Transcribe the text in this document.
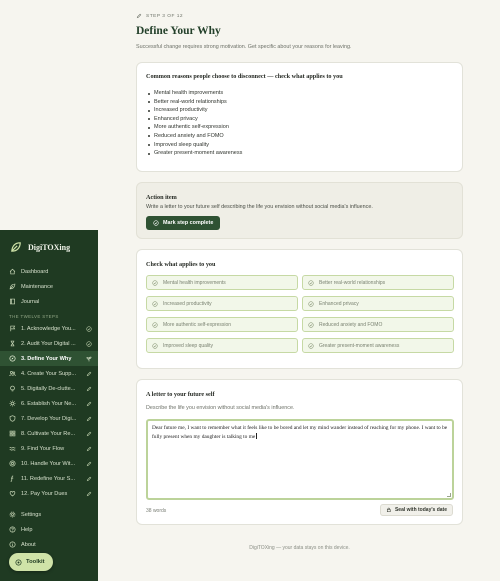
DigiTOXing
Dashboard
Maintenance
Journal
THE TWELVE STEPS
1. Acknowledge You...
2. Audit Your Digital ...
3. Define Your Why
4. Create Your Supp...
5. Digitally De-clutte...
6. Establish Your Ne...
7. Develop Your Digi...
8. Cultivate Your Re...
9. Find Your Flow
10. Handle Your Wit...
11. Redefine Your S...
12. Pay Your Dues
Settings
Help
About
Toolkit
STEP 3 OF 12
Define Your Why

Successful change requires strong motivation. Get specific about your reasons for leaving.

Common reasons people choose to disconnect — check what applies to you
Mental health improvements
Better real-world relationships
Increased productivity
Enhanced privacy
More authentic self-expression
Reduced anxiety and FOMO
Improved sleep quality
Greater present-moment awareness
Action item

Write a letter to your future self describing the life you envision without social media's influence.

Mark step complete
Check what applies to you
Mental health improvements	Better real-world relationships
Increased productivity	Enhanced privacy
More authentic self-expression	Reduced anxiety and FOMO
Improved sleep quality	Greater present-moment awareness
A letter to your future self

Describe the life you envision without social media's influence.

Dear future me, I want to remember what it feels like to be bored and let my mind wander instead of reaching for my phone. I want to be fully present when my daughter is talking to me
38 words	Seal with today's date

DigiTOXing — your data stays on this device.
